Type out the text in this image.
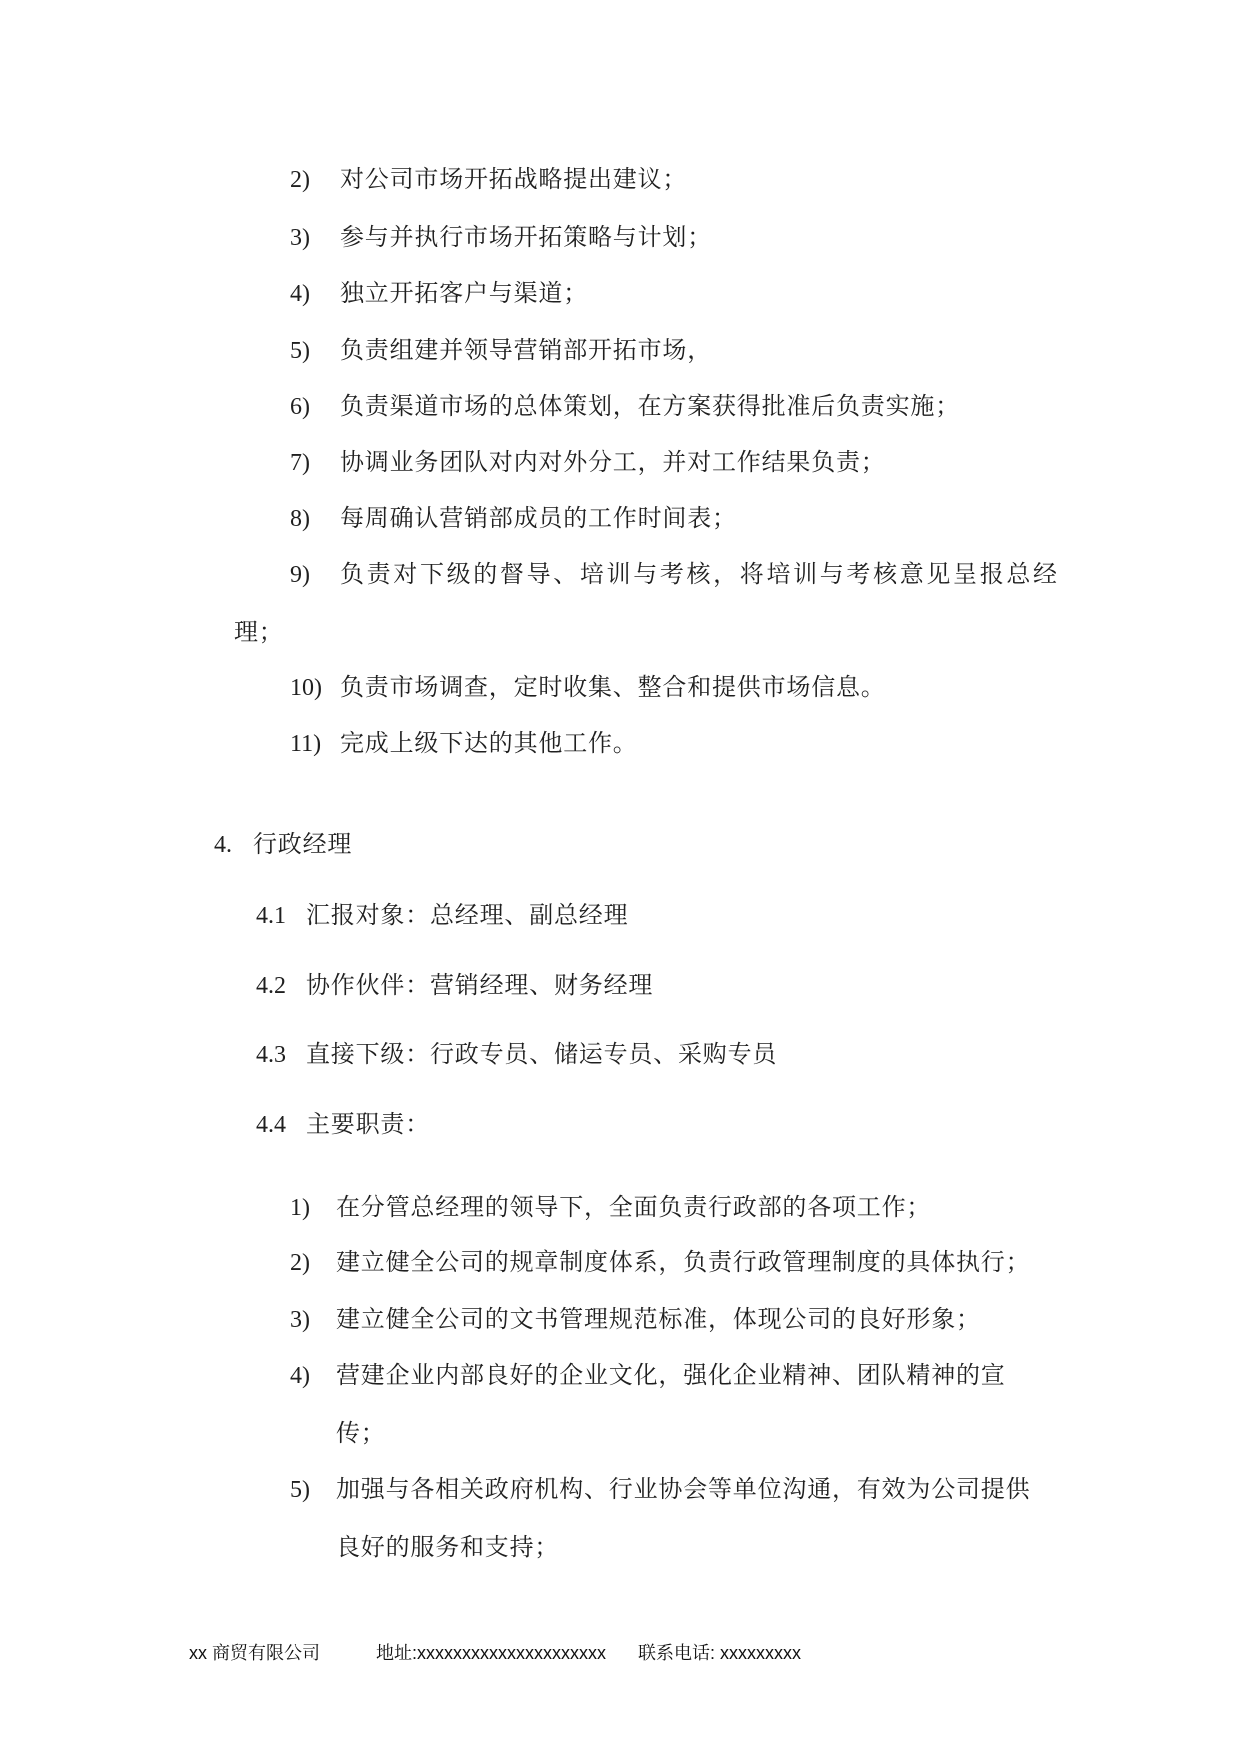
2) 对公司市场开拓战略提出建议；
3) 参与并执行市场开拓策略与计划；
4) 独立开拓客户与渠道；
5) 负责组建并领导营销部开拓市场，
6) 负责渠道市场的总体策划，在方案获得批准后负责实施；
7) 协调业务团队对内对外分工，并对工作结果负责；
8) 每周确认营销部成员的工作时间表；
9) 负责对下级的督导、培训与考核，将培训与考核意见呈报总经
理；
10) 负责市场调查，定时收集、整合和提供市场信息。
11) 完成上级下达的其他工作。
4. 行政经理
4.1 汇报对象：总经理、副总经理
4.2 协作伙伴：营销经理、财务经理
4.3 直接下级：行政专员、储运专员、采购专员
4.4 主要职责：
1) 在分管总经理的领导下，全面负责行政部的各项工作；
2) 建立健全公司的规章制度体系，负责行政管理制度的具体执行；
3) 建立健全公司的文书管理规范标准，体现公司的良好形象；
4) 营建企业内部良好的企业文化，强化企业精神、团队精神的宣
传；
5) 加强与各相关政府机构、行业协会等单位沟通，有效为公司提供
良好的服务和支持；
xx 商贸有限公司	地址:xxxxxxxxxxxxxxxxxxxxx 联系电话: xxxxxxxxx
